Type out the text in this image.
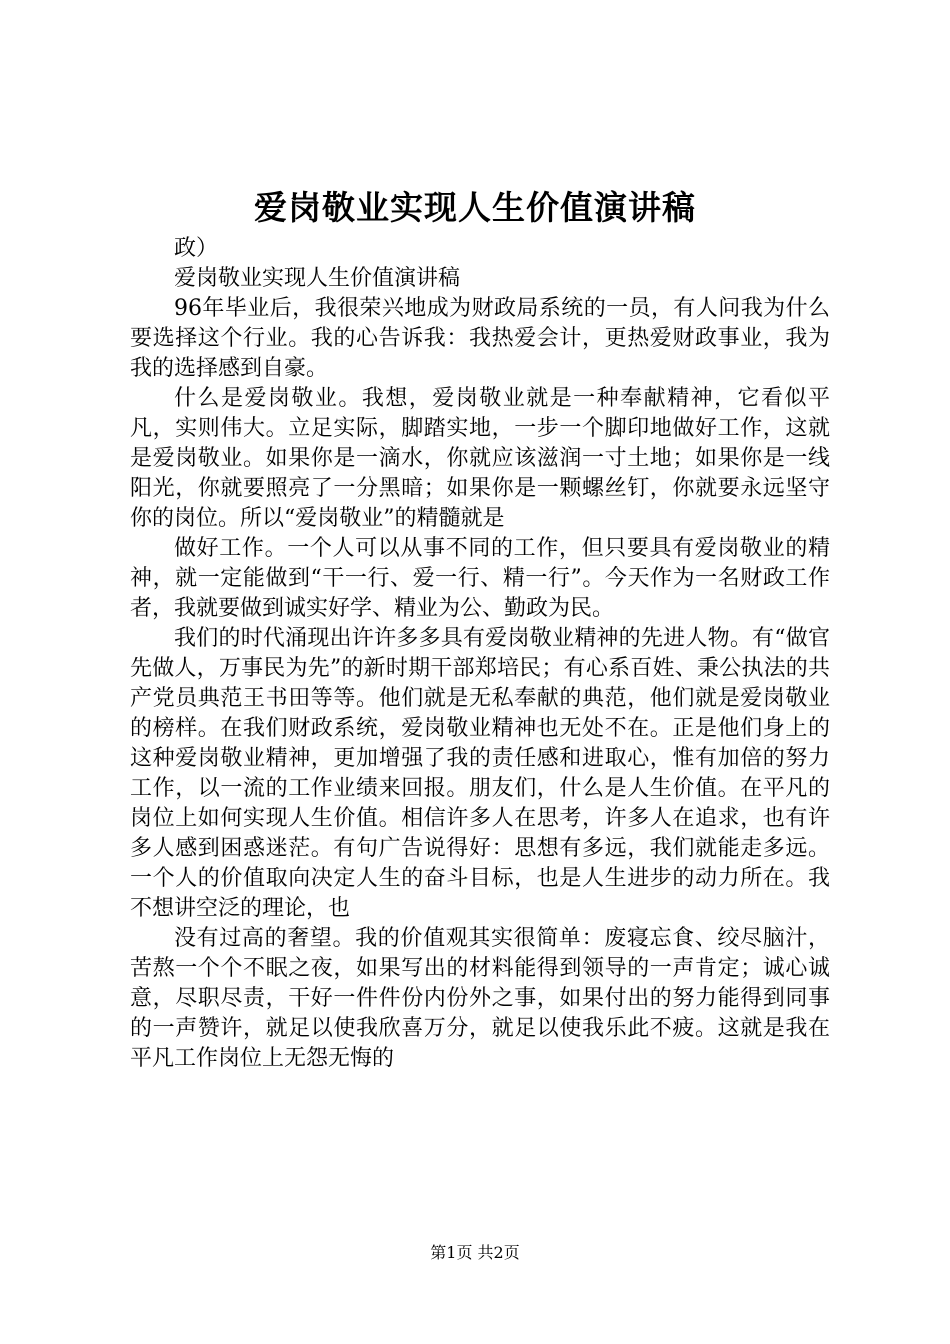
爱岗敬业实现人生价值演讲稿

政）

爱岗敬业实现人生价值演讲稿

96年毕业后，我很荣兴地成为财政局系统的一员，有人问我为什么要选择这个行业。我的心告诉我：我热爱会计，更热爱财政事业，我为我的选择感到自豪。

什么是爱岗敬业。我想，爱岗敬业就是一种奉献精神，它看似平凡，实则伟大。立足实际，脚踏实地，一步一个脚印地做好工作，这就是爱岗敬业。如果你是一滴水，你就应该滋润一寸土地；如果你是一线阳光，你就要照亮了一分黑暗；如果你是一颗螺丝钉，你就要永远坚守你的岗位。所以“爱岗敬业”的精髓就是

做好工作。一个人可以从事不同的工作，但只要具有爱岗敬业的精神，就一定能做到“干一行、爱一行、精一行”。今天作为一名财政工作者，我就要做到诚实好学、精业为公、勤政为民。

我们的时代涌现出许许多多具有爱岗敬业精神的先进人物。有“做官先做人，万事民为先”的新时期干部郑培民；有心系百姓、秉公执法的共产党员典范王书田等等。他们就是无私奉献的典范，他们就是爱岗敬业的榜样。在我们财政系统，爱岗敬业精神也无处不在。正是他们身上的这种爱岗敬业精神，更加增强了我的责任感和进取心，惟有加倍的努力工作，以一流的工作业绩来回报。朋友们，什么是人生价值。在平凡的岗位上如何实现人生价值。相信许多人在思考，许多人在追求，也有许多人感到困惑迷茫。有句广告说得好：思想有多远，我们就能走多远。一个人的价值取向决定人生的奋斗目标，也是人生进步的动力所在。我不想讲空泛的理论，也

没有过高的奢望。我的价值观其实很简单：废寝忘食、绞尽脑汁，苦熬一个个不眠之夜，如果写出的材料能得到领导的一声肯定；诚心诚意，尽职尽责，干好一件件份内份外之事，如果付出的努力能得到同事的一声赞许，就足以使我欣喜万分，就足以使我乐此不疲。这就是我在平凡工作岗位上无怨无悔的

第1页 共2页
